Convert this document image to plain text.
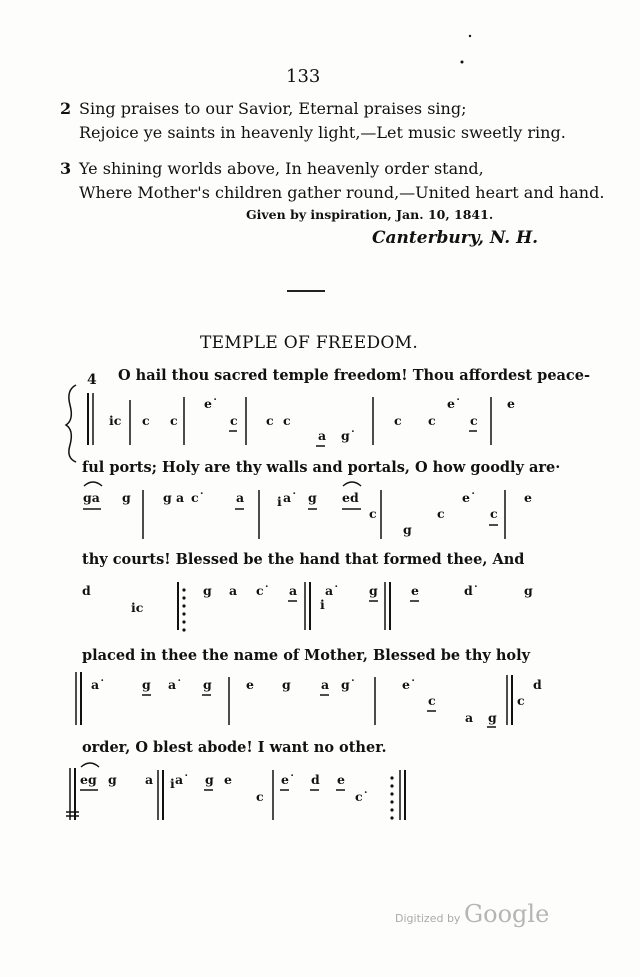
133
2 Sing praises to our Savior, Eternal praises sing;
Rejoice ye saints in heavenly light,—Let music sweetly ring.
3 Ye shining worlds above, In heavenly order stand,
Where Mother's children gather round,—United heart and hand.
Given by inspiration, Jan. 10, 1841.
Canterbury, N. H.
TEMPLE OF FREEDOM.
O hail thou sacred temple freedom! Thou affordest peace-
ful ports; Holy are thy walls and portals, O how goodly are·
thy courts! Blessed be the hand that formed thee, And
placed in thee the name of Mother, Blessed be thy holy
order, O blest abode! I want no other.
4
ic c c
e˙
c c c
a g˙
c c
e˙
c
e
ga g	g a c˙ a	i a˙ g ed
c
g
c
e˙
c
e
d
ic
g a c˙ a
i
a˙ g	e	d˙	g
a˙	g a˙ g	e g a g˙	e˙
c
a g
c
d
eg g a i a˙ g e
c
e˙ d e
c˙
Digitized by Google
